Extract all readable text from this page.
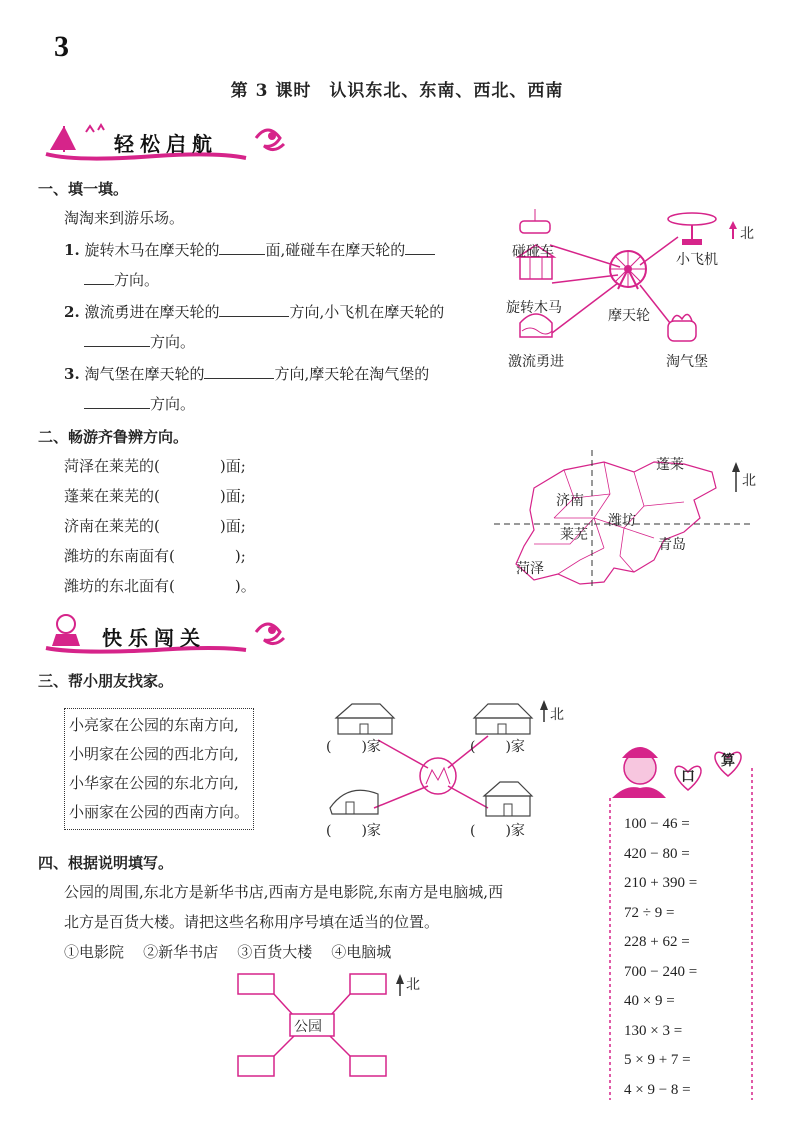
3
第 3 课时　认识东北、东南、西北、西南
轻松启航
一、填一填。
淘淘来到游乐场。
1. 旋转木马在摩天轮的	面,碰碰车在摩天轮的
方向。
2. 激流勇进在摩天轮的	方向,小飞机在摩天轮的
方向。
3. 淘气堡在摩天轮的	方向,摩天轮在淘气堡的
方向。
北
摩天轮
碰碰车	小飞机
旋转木马
激流勇进	淘气堡
二、畅游齐鲁辨方向。
菏泽在莱芜的(	)面;
蓬莱在莱芜的(	)面;
济南在莱芜的(	)面;
潍坊的东南面有(	);
潍坊的东北面有(	)。
北
蓬莱
济南
潍坊
莱芜
青岛
菏泽
快乐闯关
三、帮小朋友找家。
小亮家在公园的东南方向,
小明家在公园的西北方向,
小华家在公园的东北方向,
小丽家在公园的西南方向。
北
( )家	( )家
( )家	( )家
四、根据说明填写。
公园的周围,东北方是新华书店,西南方是电影院,东南方是电脑城,西
北方是百货大楼。请把这些名称用序号填在适当的位置。
①电影院 ②新华书店 ③百货大楼 ④电脑城
公园
北
口
算
100 − 46 =
420 − 80 =
210 + 390 =
72 ÷ 9 =
228 + 62 =
700 − 240 =
40 × 9 =
130 × 3 =
5 × 9 + 7 =
4 × 9 − 8 =
